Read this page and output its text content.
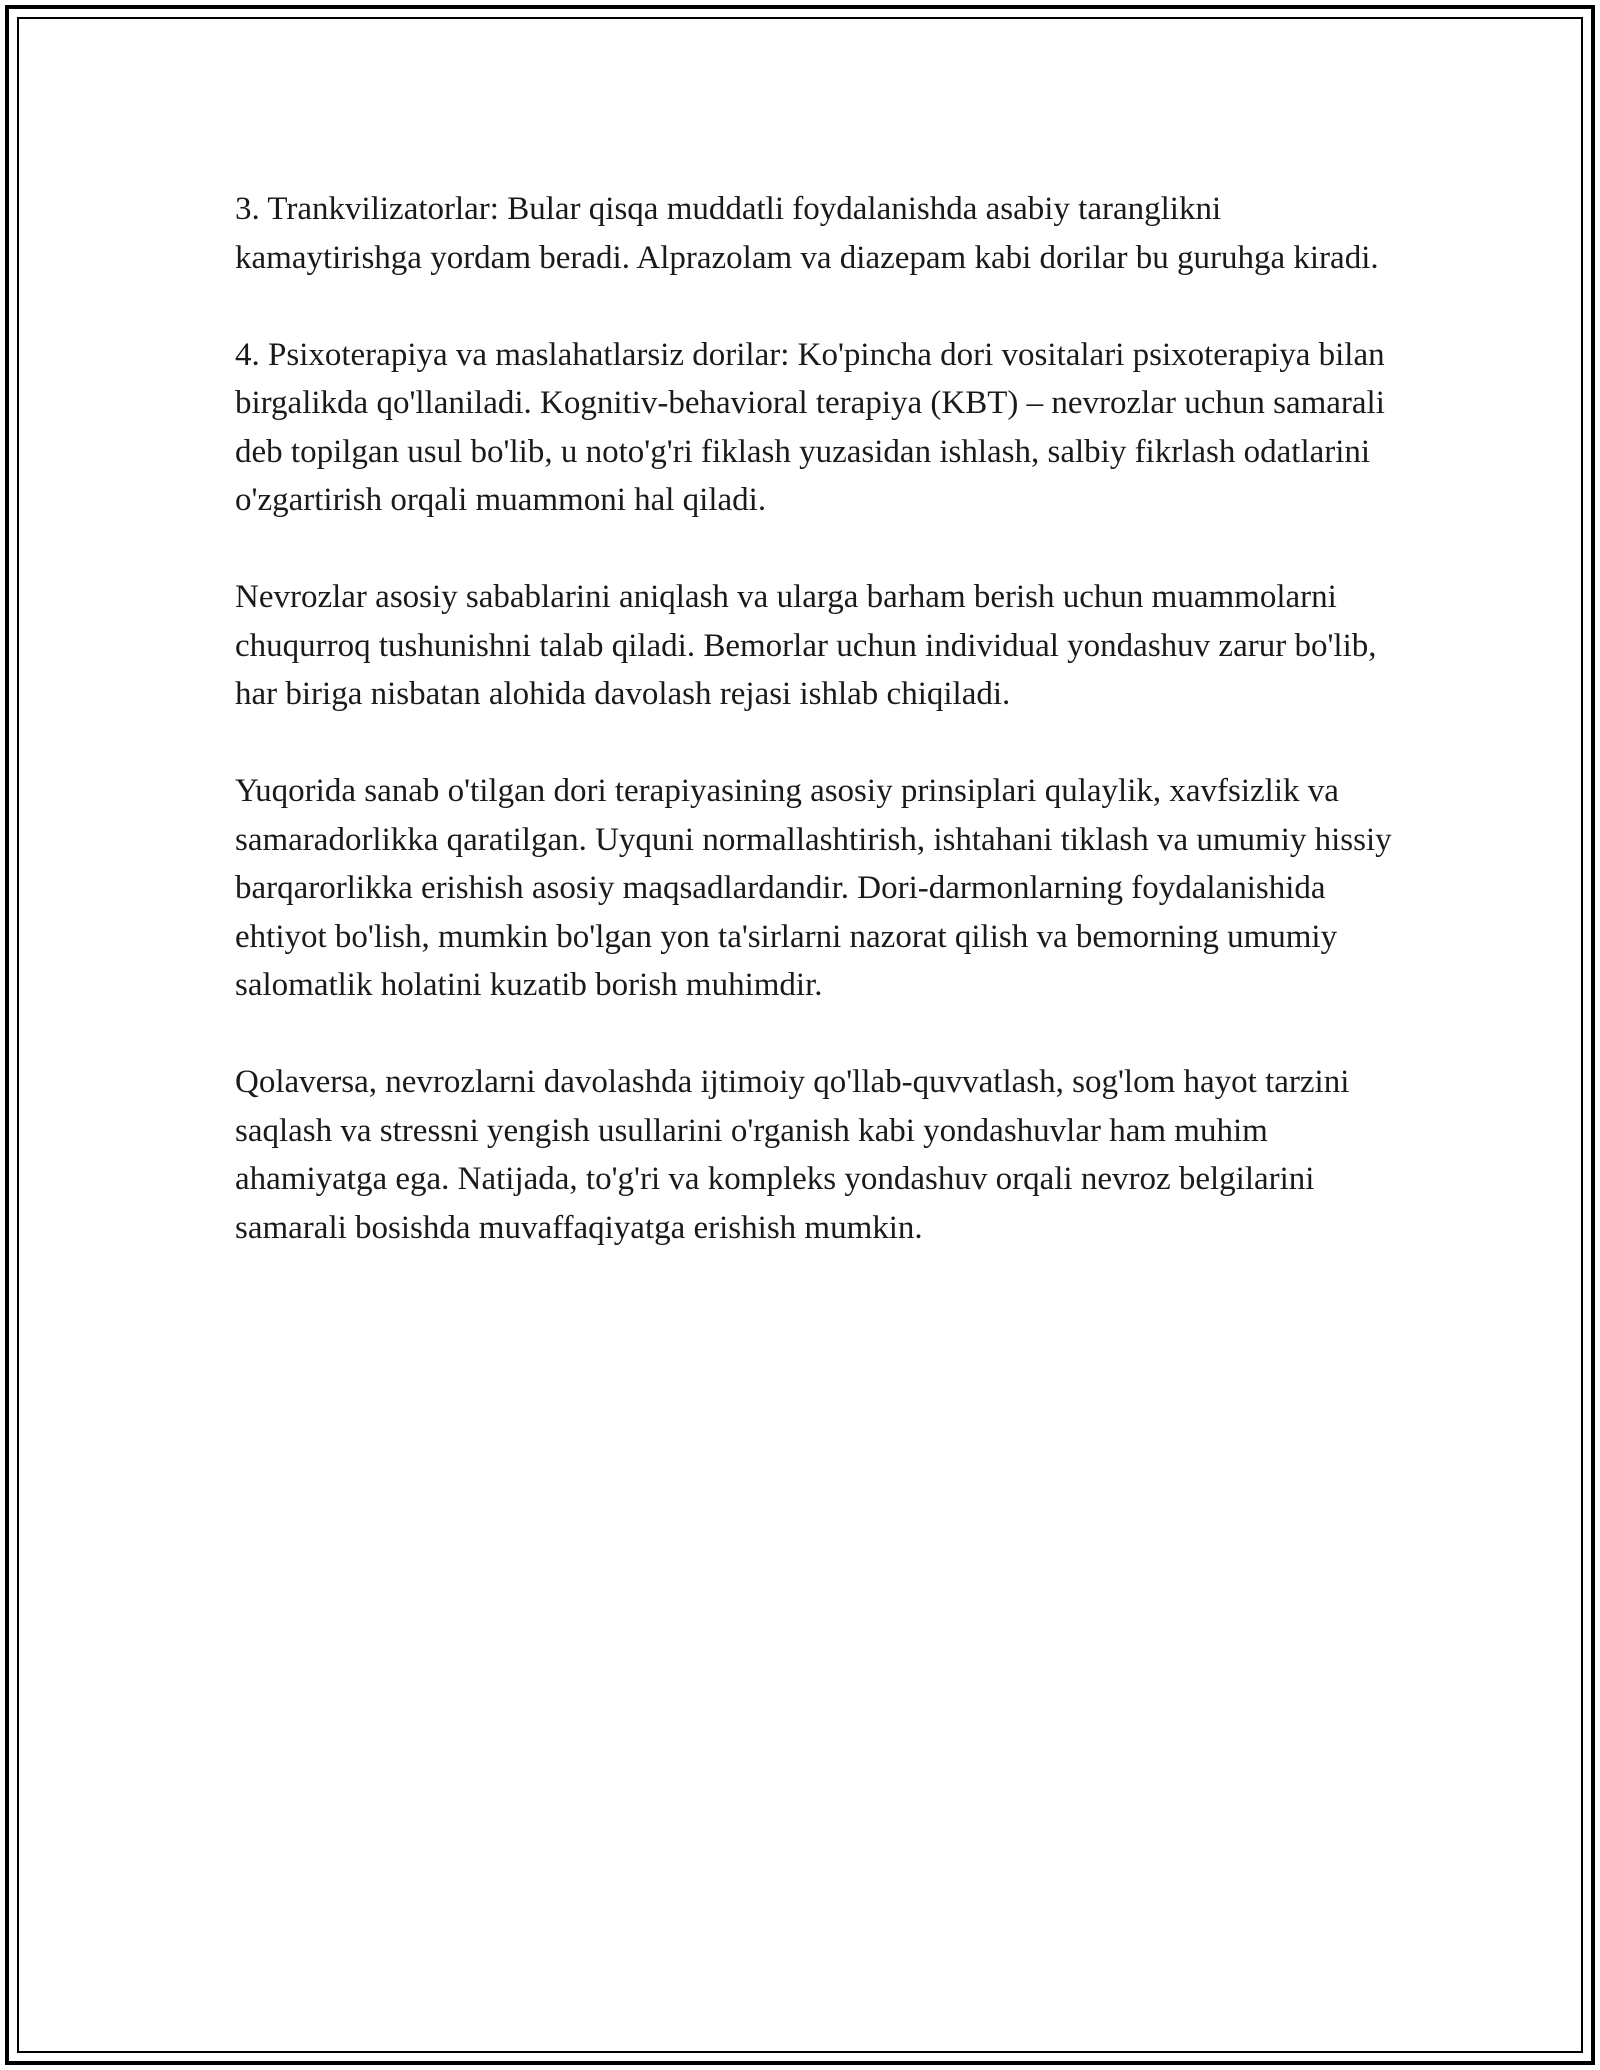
3. Trankvilizatorlar: Bular qisqa muddatli foydalanishda asabiy taranglikni kamaytirishga yordam beradi. Alprazolam va diazepam kabi dorilar bu guruhga kiradi.

4. Psixoterapiya va maslahatlarsiz dorilar: Ko'pincha dori vositalari psixoterapiya bilan birgalikda qo'llaniladi. Kognitiv-behavioral terapiya (KBT) – nevrozlar uchun samarali deb topilgan usul bo'lib, u noto'g'ri fiklash yuzasidan ishlash, salbiy fikrlash odatlarini o'zgartirish orqali muammoni hal qiladi.

Nevrozlar asosiy sabablarini aniqlash va ularga barham berish uchun muammolarni chuqurroq tushunishni talab qiladi. Bemorlar uchun individual yondashuv zarur bo'lib, har biriga nisbatan alohida davolash rejasi ishlab chiqiladi.

Yuqorida sanab o'tilgan dori terapiyasining asosiy prinsiplari qulaylik, xavfsizlik va samaradorlikka qaratilgan. Uyquni normallashtirish, ishtahani tiklash va umumiy hissiy barqarorlikka erishish asosiy maqsadlardandir. Dori-darmonlarning foydalanishida ehtiyot bo'lish, mumkin bo'lgan yon ta'sirlarni nazorat qilish va bemorning umumiy salomatlik holatini kuzatib borish muhimdir.

Qolaversa, nevrozlarni davolashda ijtimoiy qo'llab-quvvatlash, sog'lom hayot tarzini saqlash va stressni yengish usullarini o'rganish kabi yondashuvlar ham muhim ahamiyatga ega. Natijada, to'g'ri va kompleks yondashuv orqali nevroz belgilarini samarali bosishda muvaffaqiyatga erishish mumkin.
